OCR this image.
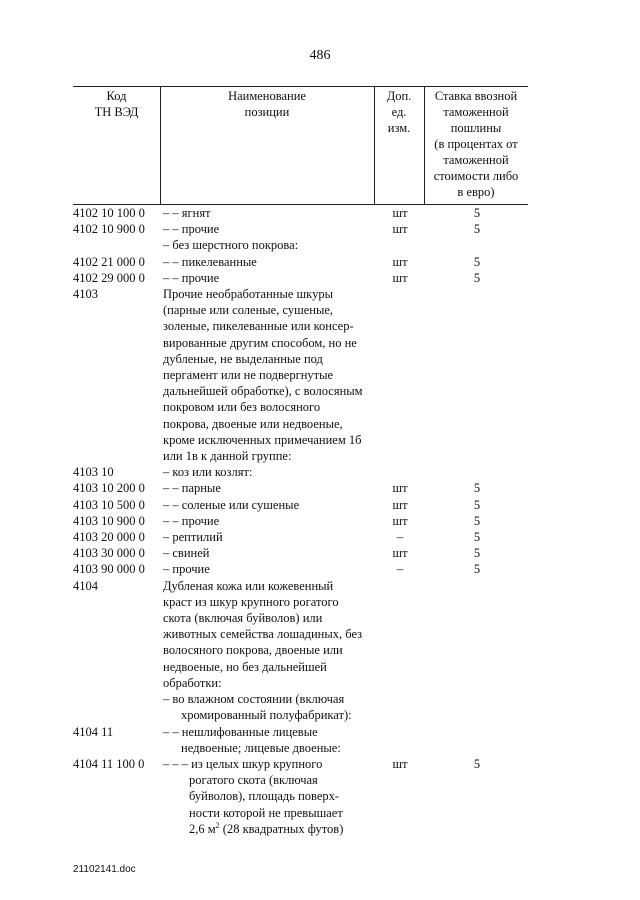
486
Код
ТН ВЭД
Наименование
позиции
Доп.
ед.
изм.
Ставка ввозной
таможенной
пошлины
(в процентах от
таможенной
стоимости либо
в евро)
4102 10 100 0 – – ягнят	шт	5
4102 10 900 0 – – прочие	шт	5
– без шерстного покрова:
4102 21 000 0 – – пикелеванные	шт	5
4102 29 000 0 – – прочие	шт	5
4103	Прочие необработанные шкуры
(парные или соленые, сушеные,
золеные, пикелеванные или консер-
вированные другим способом, но не
дубленые, не выделанные под
пергамент или не подвергнутые
дальнейшей обработке), с волосяным
покровом или без волосяного
покрова, двоеные или недвоеные,
кроме исключенных примечанием 1б
или 1в к данной группе:
4103 10	– коз или козлят:
4103 10 200 0 – – парные	шт	5
4103 10 500 0 – – соленые или сушеные	шт	5
4103 10 900 0 – – прочие	шт	5
4103 20 000 0 – рептилий	–	5
4103 30 000 0 – свиней	шт	5
4103 90 000 0 – прочие	–	5
4104	Дубленая кожа или кожевенный
краст из шкур крупного рогатого
скота (включая буйволов) или
животных семейства лошадиных, без
волосяного покрова, двоеные или
недвоеные, но без дальнейшей
обработки:
– во влажном состоянии (включая
хромированный полуфабрикат):
4104 11	– – нешлифованные лицевые
недвоеные; лицевые двоеные:
4104 11 100 0 – – – из целых шкур крупного
рогатого скота (включая
буйволов), площадь поверх-
ности которой не превышает
2,6 $м^2$ (28 квадратных футов)
шт	5
21102141.doc
